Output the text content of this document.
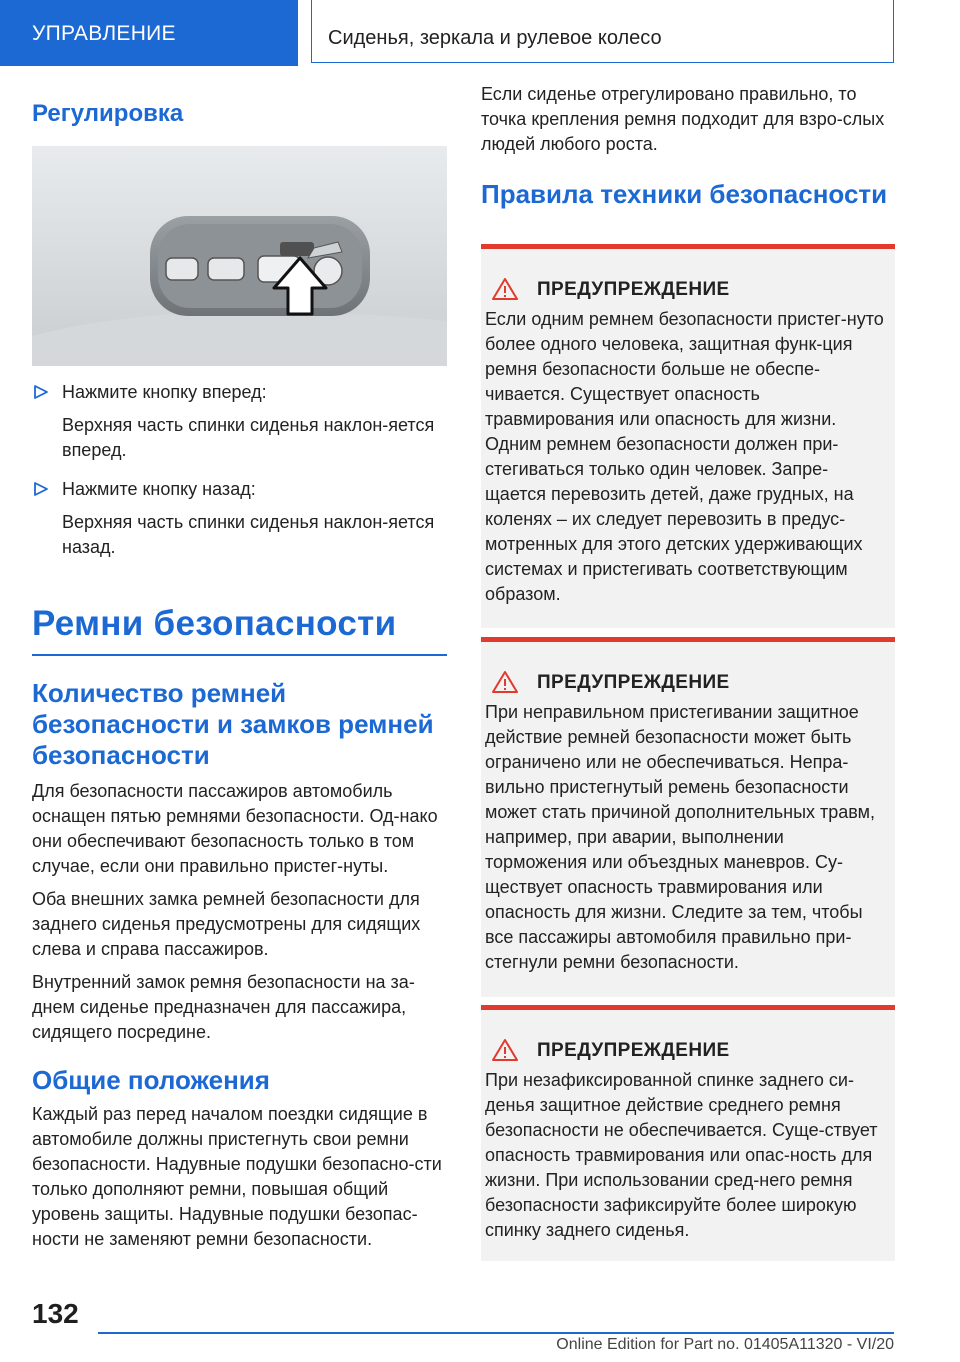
УПРАВЛЕНИЕ	Сиденья, зеркала и рулевое колесо
Регулировка

Нажмите кнопку вперед:

Верхняя часть спинки сиденья наклон-яется вперед.

Нажмите кнопку назад:

Верхняя часть спинки сиденья наклон-яется назад.

Ремни безопасности
Количество ремней безопасности и замков ремней безопасности

Для безопасности пассажиров автомобиль оснащен пятью ремнями безопасности. Од-нако они обеспечивают безопасность только в том случае, если они правильно пристег-нуты.

Оба внешних замка ремней безопасности для заднего сиденья предусмотрены для сидящих слева и справа пассажиров.

Внутренний замок ремня безопасности на за-днем сиденье предназначен для пассажира, сидящего посредине.

Общие положения

Каждый раз перед началом поездки сидящие в автомобиле должны пристегнуть свои ремни безопасности. Надувные подушки безопасно-сти только дополняют ремни, повышая общий уровень защиты. Надувные подушки безопас-ности не заменяют ремни безопасности.

Если сиденье отрегулировано правильно, то точка крепления ремня подходит для взро-слых людей любого роста.

Правила техники безопасности
ПРЕДУПРЕЖДЕНИЕ

Если одним ремнем безопасности пристег-нуто более одного человека, защитная функ-ция ремня безопасности больше не обеспе-чивается. Существует опасность травмирования или опасность для жизни. Одним ремнем безопасности должен при-стегиваться только один человек. Запре-щается перевозить детей, даже грудных, на коленях – их следует перевозить в предус-мотренных для этого детских удерживающих системах и пристегивать соответствующим образом.

ПРЕДУПРЕЖДЕНИЕ

При неправильном пристегивании защитное действие ремней безопасности может быть ограничено или не обеспечиваться. Непра-вильно пристегнутый ремень безопасности может стать причиной дополнительных травм, например, при аварии, выполнении торможения или объездных маневров. Су-ществует опасность травмирования или опасность для жизни. Следите за тем, чтобы все пассажиры автомобиля правильно при-стегнули ремни безопасности.

ПРЕДУПРЕЖДЕНИЕ

При незафиксированной спинке заднего си-денья защитное действие среднего ремня безопасности не обеспечивается. Суще-ствует опасность травмирования или опас-ность для жизни. При использовании сред-него ремня безопасности зафиксируйте более широкую спинку заднего сиденья.

132
Online Edition for Part no. 01405A11320 - VI/20
